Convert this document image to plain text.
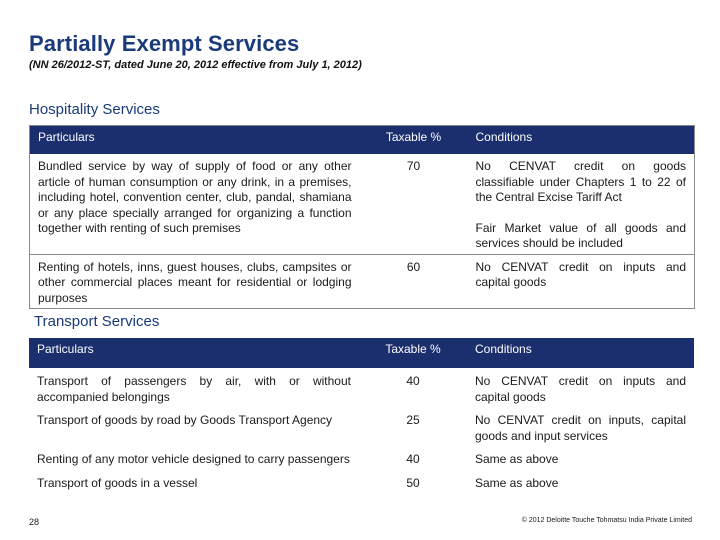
Partially Exempt Services
(NN 26/2012-ST, dated June 20, 2012 effective from July 1, 2012)
Hospitality Services
Particulars	Taxable %	Conditions
Bundled service by way of supply of food or any other article of human consumption or any drink, in a premises, including hotel, convention center, club, pandal, shamiana or any place specially arranged for organizing a function together with renting of such premises	70	No CENVAT credit on goods classifiable under Chapters 1 to 22 of the Central Excise Tariff Act
Fair Market value of all goods and services should be included
Renting of hotels, inns, guest houses, clubs, campsites or other commercial places meant for residential or lodging purposes	60	No CENVAT credit on inputs and capital goods
Transport Services
Particulars	Taxable %	Conditions
Transport of passengers by air, with or without accompanied belongings	40	No CENVAT credit on inputs and capital goods
Transport of goods by road by Goods Transport Agency	25	No CENVAT credit on inputs, capital goods and input services
Renting of any motor vehicle designed to carry passengers	40	Same as above
Transport of goods in a vessel	50	Same as above
28	© 2012 Deloitte Touche Tohmatsu India Private Limited
